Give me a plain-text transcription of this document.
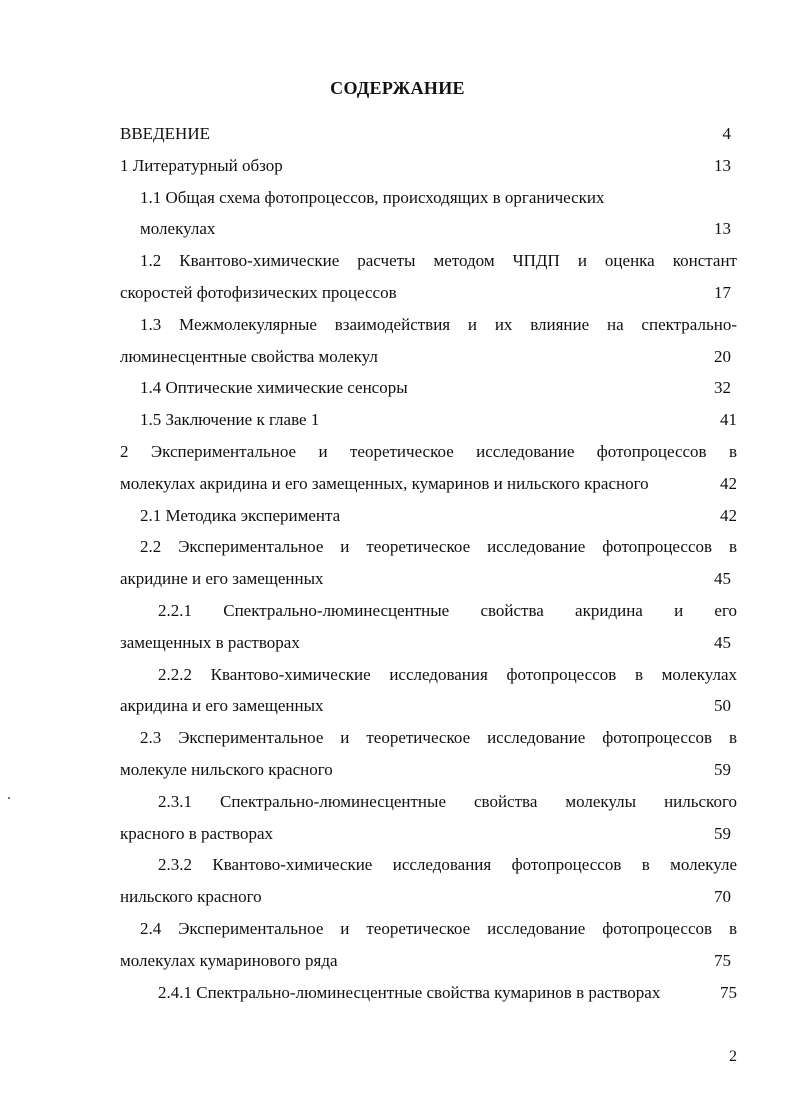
СОДЕРЖАНИЕ
ВВЕДЕНИЕ	4
1 Литературный обзор	13
1.1 Общая схема фотопроцессов, происходящих в органических
молекулах	13
1.2 Квантово-химические расчеты методом ЧПДП и оценка констант
скоростей фотофизических процессов	17
1.3 Межмолекулярные взаимодействия и их влияние на спектрально-
люминесцентные свойства молекул	20
1.4 Оптические химические сенсоры	32
1.5 Заключение к главе 1	41
2 Экспериментальное и теоретическое исследование фотопроцессов в
молекулах акридина и его замещенных, кумаринов и нильского красного	42
2.1 Методика эксперимента	42
2.2 Экспериментальное и теоретическое исследование фотопроцессов в
акридине и его замещенных	45
2.2.1 Спектрально-люминесцентные свойства акридина и его
замещенных в растворах	45
2.2.2 Квантово-химические исследования фотопроцессов в молекулах
акридина и его замещенных	50
2.3 Экспериментальное и теоретическое исследование фотопроцессов в
молекуле нильского красного	59
2.3.1 Спектрально-люминесцентные свойства молекулы нильского
красного в растворах	59
2.3.2 Квантово-химические исследования фотопроцессов в молекуле
нильского красного	70
2.4 Экспериментальное и теоретическое исследование фотопроцессов в
молекулах кумаринового ряда	75
2.4.1 Спектрально-люминесцентные свойства кумаринов в растворах	75
2
